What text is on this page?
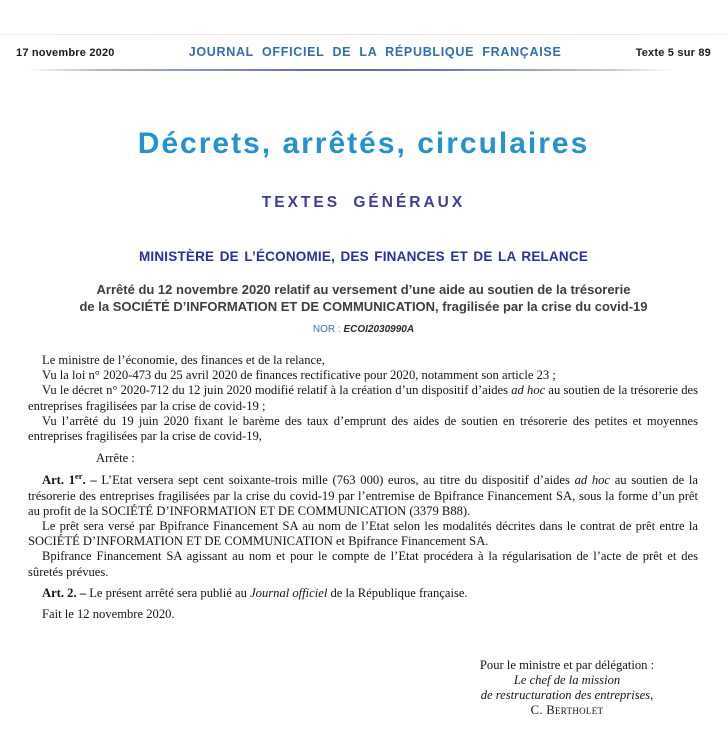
17 novembre 2020	JOURNAL OFFICIEL DE LA RÉPUBLIQUE FRANÇAISE	Texte 5 sur 89
Décrets, arrêtés, circulaires
TEXTES GÉNÉRAUX
MINISTÈRE DE L’ÉCONOMIE, DES FINANCES ET DE LA RELANCE
Arrêté du 12 novembre 2020 relatif au versement d’une aide au soutien de la trésorerie
de la SOCIÉTÉ D’INFORMATION ET DE COMMUNICATION, fragilisée par la crise du covid-19
NOR : ECOI2030990A

Le ministre de l’économie, des finances et de la relance,

Vu la loi n° 2020-473 du 25 avril 2020 de finances rectificative pour 2020, notamment son article 23 ;

Vu le décret n° 2020-712 du 12 juin 2020 modifié relatif à la création d’un dispositif d’aides ad hoc au soutien de la trésorerie des entreprises fragilisées par la crise de covid-19 ;

Vu l’arrêté du 19 juin 2020 fixant le barème des taux d’emprunt des aides de soutien en trésorerie des petites et moyennes entreprises fragilisées par la crise de covid-19,

Arrête :

Art. 1er. – L’Etat versera sept cent soixante-trois mille (763 000) euros, au titre du dispositif d’aides ad hoc au soutien de la trésorerie des entreprises fragilisées par la crise du covid-19 par l’entremise de Bpifrance Financement SA, sous la forme d’un prêt au profit de la SOCIÉTÉ D’INFORMATION ET DE COMMUNICATION (3379 B88).

Le prêt sera versé par Bpifrance Financement SA au nom de l’Etat selon les modalités décrites dans le contrat de prêt entre la SOCIÉTÉ D’INFORMATION ET DE COMMUNICATION et Bpifrance Financement SA.

Bpifrance Financement SA agissant au nom et pour le compte de l’Etat procédera à la régularisation de l’acte de prêt et des sûretés prévues.

Art. 2. – Le présent arrêté sera publié au Journal officiel de la République française.

Fait le 12 novembre 2020.

Pour le ministre et par délégation :
Le chef de la mission
de restructuration des entreprises,
C. Bertholet
